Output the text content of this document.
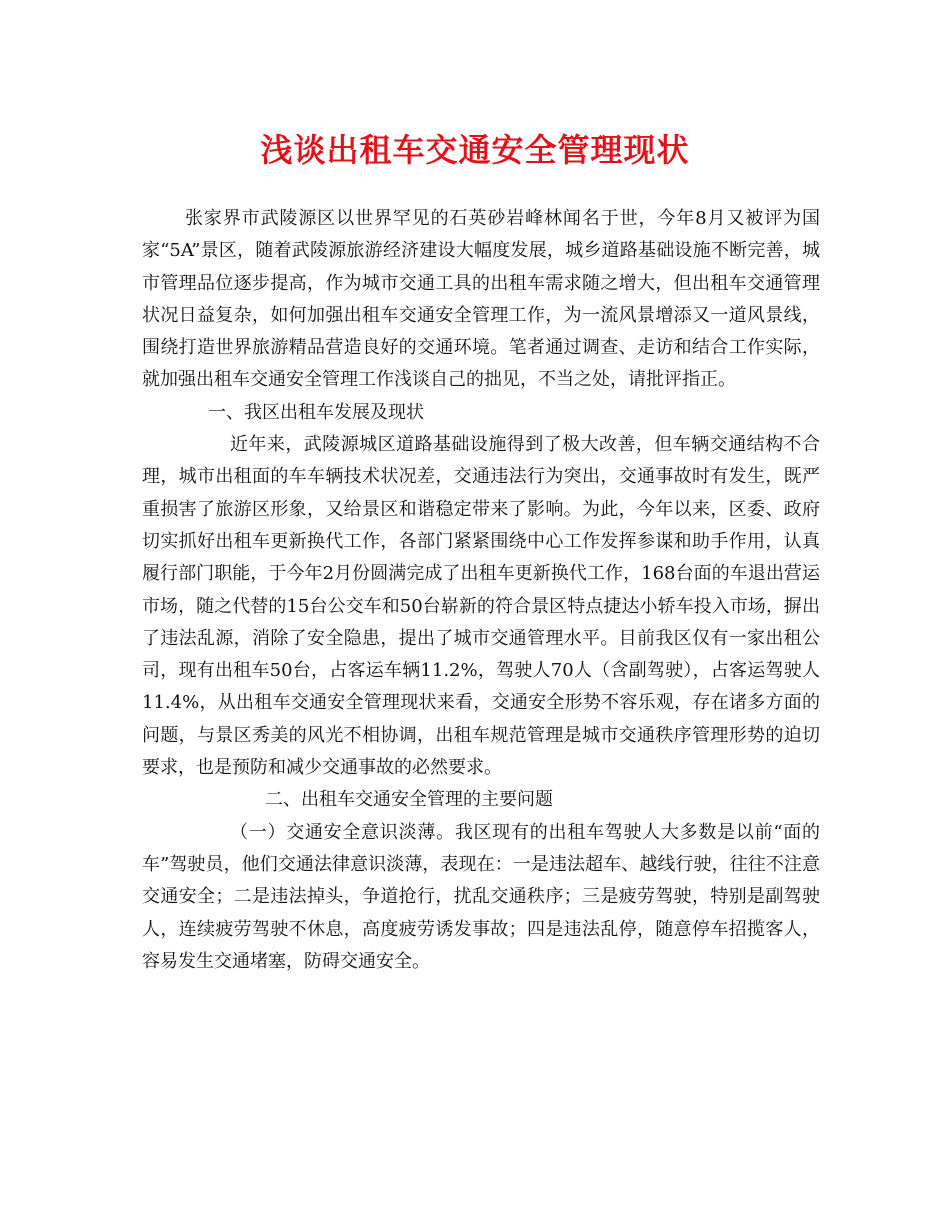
浅谈出租车交通安全管理现状

张家界市武陵源区以世界罕见的石英砂岩峰林闻名于世，今年8月又被评为国家“5A”景区，随着武陵源旅游经济建设大幅度发展，城乡道路基础设施不断完善，城市管理品位逐步提高，作为城市交通工具的出租车需求随之增大，但出租车交通管理状况日益复杂，如何加强出租车交通安全管理工作，为一流风景增添又一道风景线，围绕打造世界旅游精品营造良好的交通环境。笔者通过调查、走访和结合工作实际，就加强出租车交通安全管理工作浅谈自己的拙见，不当之处，请批评指正。

一、我区出租车发展及现状

近年来，武陵源城区道路基础设施得到了极大改善，但车辆交通结构不合理，城市出租面的车车辆技术状况差，交通违法行为突出，交通事故时有发生，既严重损害了旅游区形象，又给景区和谐稳定带来了影响。为此，今年以来，区委、政府切实抓好出租车更新换代工作，各部门紧紧围绕中心工作发挥参谋和助手作用，认真履行部门职能，于今年2月份圆满完成了出租车更新换代工作，168台面的车退出营运市场，随之代替的15台公交车和50台崭新的符合景区特点捷达小轿车投入市场，摒出了违法乱源，消除了安全隐患，提出了城市交通管理水平。目前我区仅有一家出租公司，现有出租车50台，占客运车辆11.2%，驾驶人70人（含副驾驶），占客运驾驶人11.4%，从出租车交通安全管理现状来看，交通安全形势不容乐观，存在诸多方面的问题，与景区秀美的风光不相协调，出租车规范管理是城市交通秩序管理形势的迫切要求，也是预防和减少交通事故的必然要求。

二、出租车交通安全管理的主要问题

（一）交通安全意识淡薄。我区现有的出租车驾驶人大多数是以前“面的车”驾驶员，他们交通法律意识淡薄，表现在：一是违法超车、越线行驶，往往不注意交通安全；二是违法掉头，争道抢行，扰乱交通秩序；三是疲劳驾驶，特别是副驾驶人，连续疲劳驾驶不休息，高度疲劳诱发事故；四是违法乱停，随意停车招揽客人，容易发生交通堵塞，防碍交通安全。
